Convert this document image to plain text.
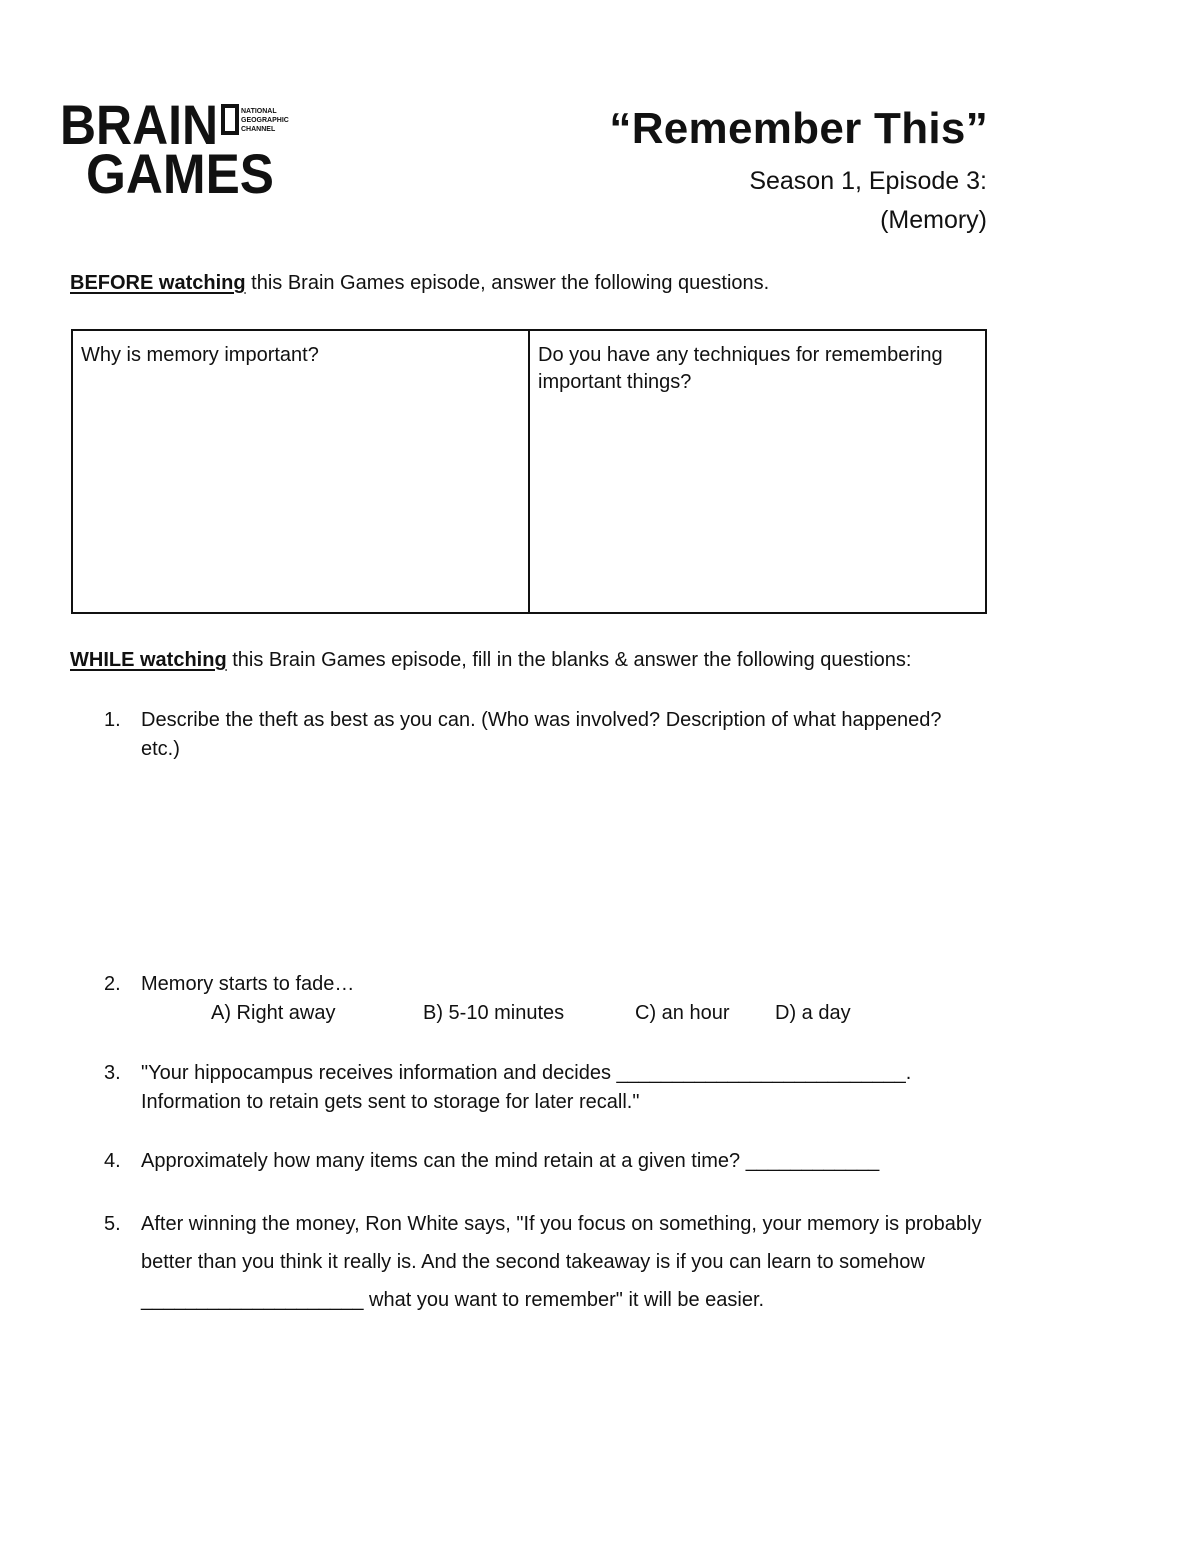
BRAIN
GAMES
NATIONAL
GEOGRAPHIC
CHANNEL	“Remember This”
Season 1, Episode 3:
(Memory)
BEFORE watching this Brain Games episode, answer the following questions.
Why is memory important?	Do you have any techniques for remembering important things?
WHILE watching this Brain Games episode, fill in the blanks & answer the following questions:
1. Describe the theft as best as you can. (Who was involved? Description of what happened? etc.)
2. Memory starts to fade…
A) Right away	B) 5-10 minutes	C) an hour D) a day
3. "Your hippocampus receives information and decides __________________________. Information to retain gets sent to storage for later recall."
4. Approximately how many items can the mind retain at a given time? ____________
5. After winning the money, Ron White says, "If you focus on something, your memory is probably better than you think it really is. And the second takeaway is if you can learn to somehow ____________________ what you want to remember" it will be easier.
